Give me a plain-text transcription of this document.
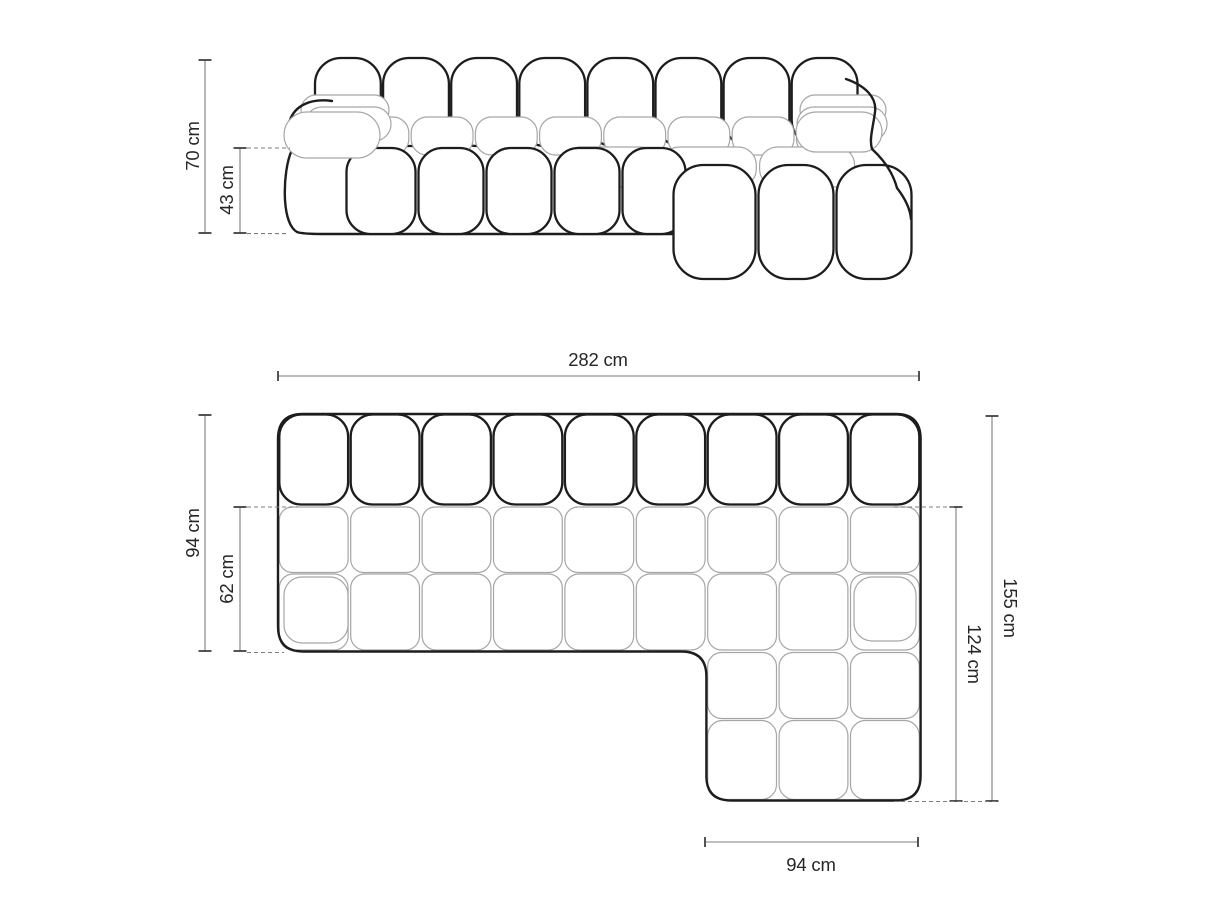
70 cm
43 cm
282 cm
94 cm
62 cm	155 cm
124 cm
94 cm
